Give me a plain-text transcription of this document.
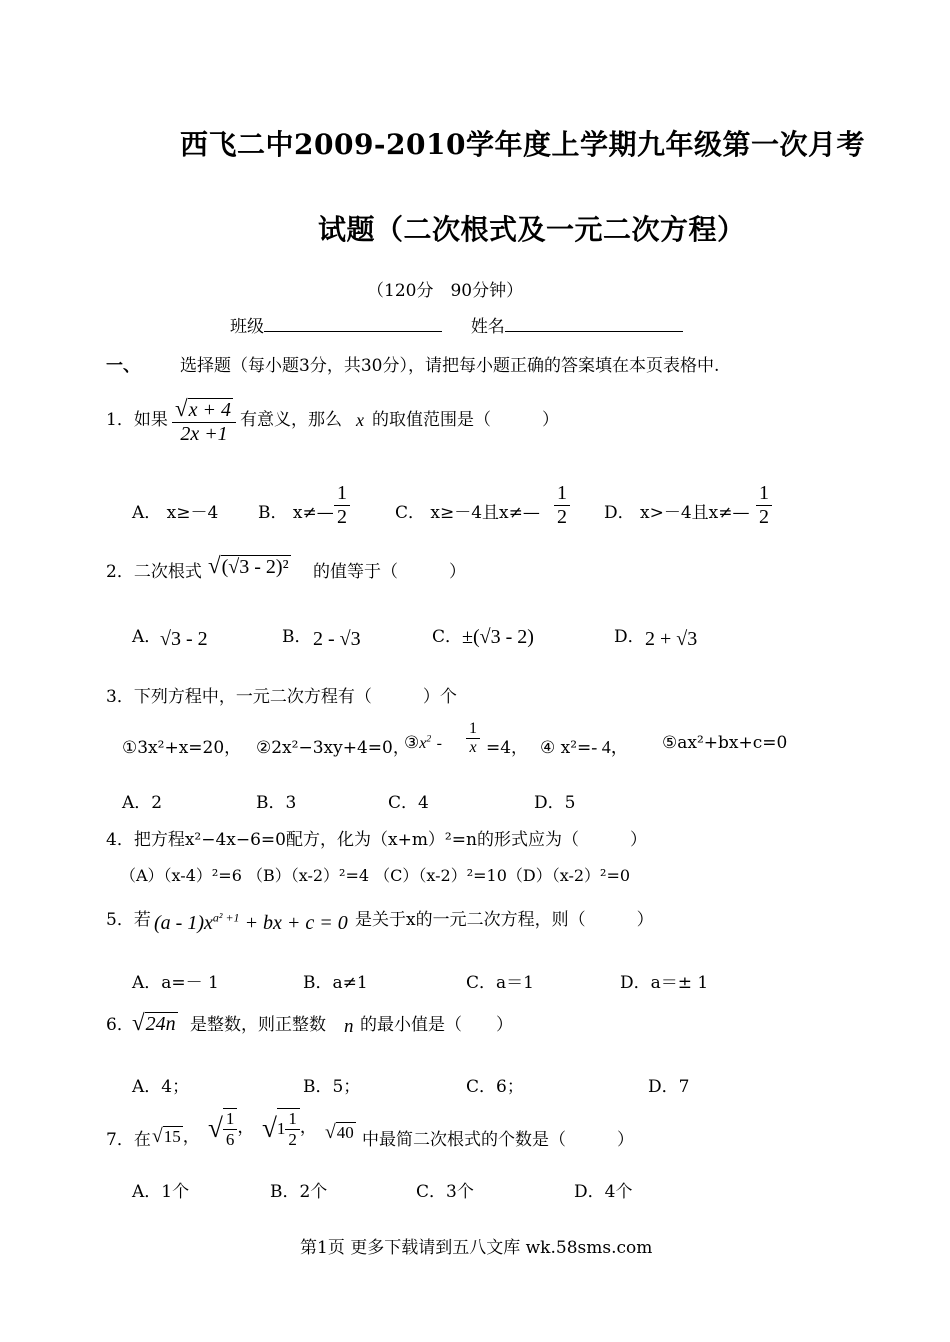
西飞二中2009-2010学年度上学期九年级第一次月考
试题（二次根式及一元二次方程）
（120分　90分钟）
班级	姓名
一、 选择题（每小题3分，共30分），请把每小题正确的答案填在本页表格中.
1．如果 $\frac{√x + 4}{2x +1}$ 有意义，那么 x 的取值范围是（　　　）
A． x≥－4 B． x≠— $\frac{1}{2}$	C． x≥－4且x≠— $\frac{1}{2}$ D． x>－4且x≠— $\frac{1}{2}$
2．二次根式 √(√3 - 2)² 的值等于（　　　）
A．
√3 - 2	B． 2 - √3	C． ±(√3 - 2)	D． 2 + √3
3．下列方程中，一元二次方程有（　　　）个
①3x²+x=20， ②2x²−3xy+4=0，
$③x^2 - \frac{1}{x} =4$， ④ x²=- 4， ⑤ax²+bx+c=0
A．2	B．3	C．4	D．5
4．把方程x²−4x−6=0配方，化为（x+m）²=n的形式应为（　　　）
（A）（x-4）²=6 （B）（x-2）²=4 （C）（x-2）²=10（D）（x-2）²=0
5．若 $(a - 1)x^{a^2 +1}$ + bx + c = 0 是关于x的一元二次方程，则（　　　）
A．a=－ 1	B．a≠1	C．a＝1	D．a＝± 1
6．
√24n 是整数，则正整数 n 的最小值是（　　）
A．4；	B．5；	C．6；	D．7
7．在 √15 ， √ $\frac{1}{6}$ ， $√1 \frac{1}{2}$ ， √40 中最简二次根式的个数是（　　　）
A．1个	B．2个	C．3个	D．4个
第1页 更多下载请到五八文库 wk.58sms.com
